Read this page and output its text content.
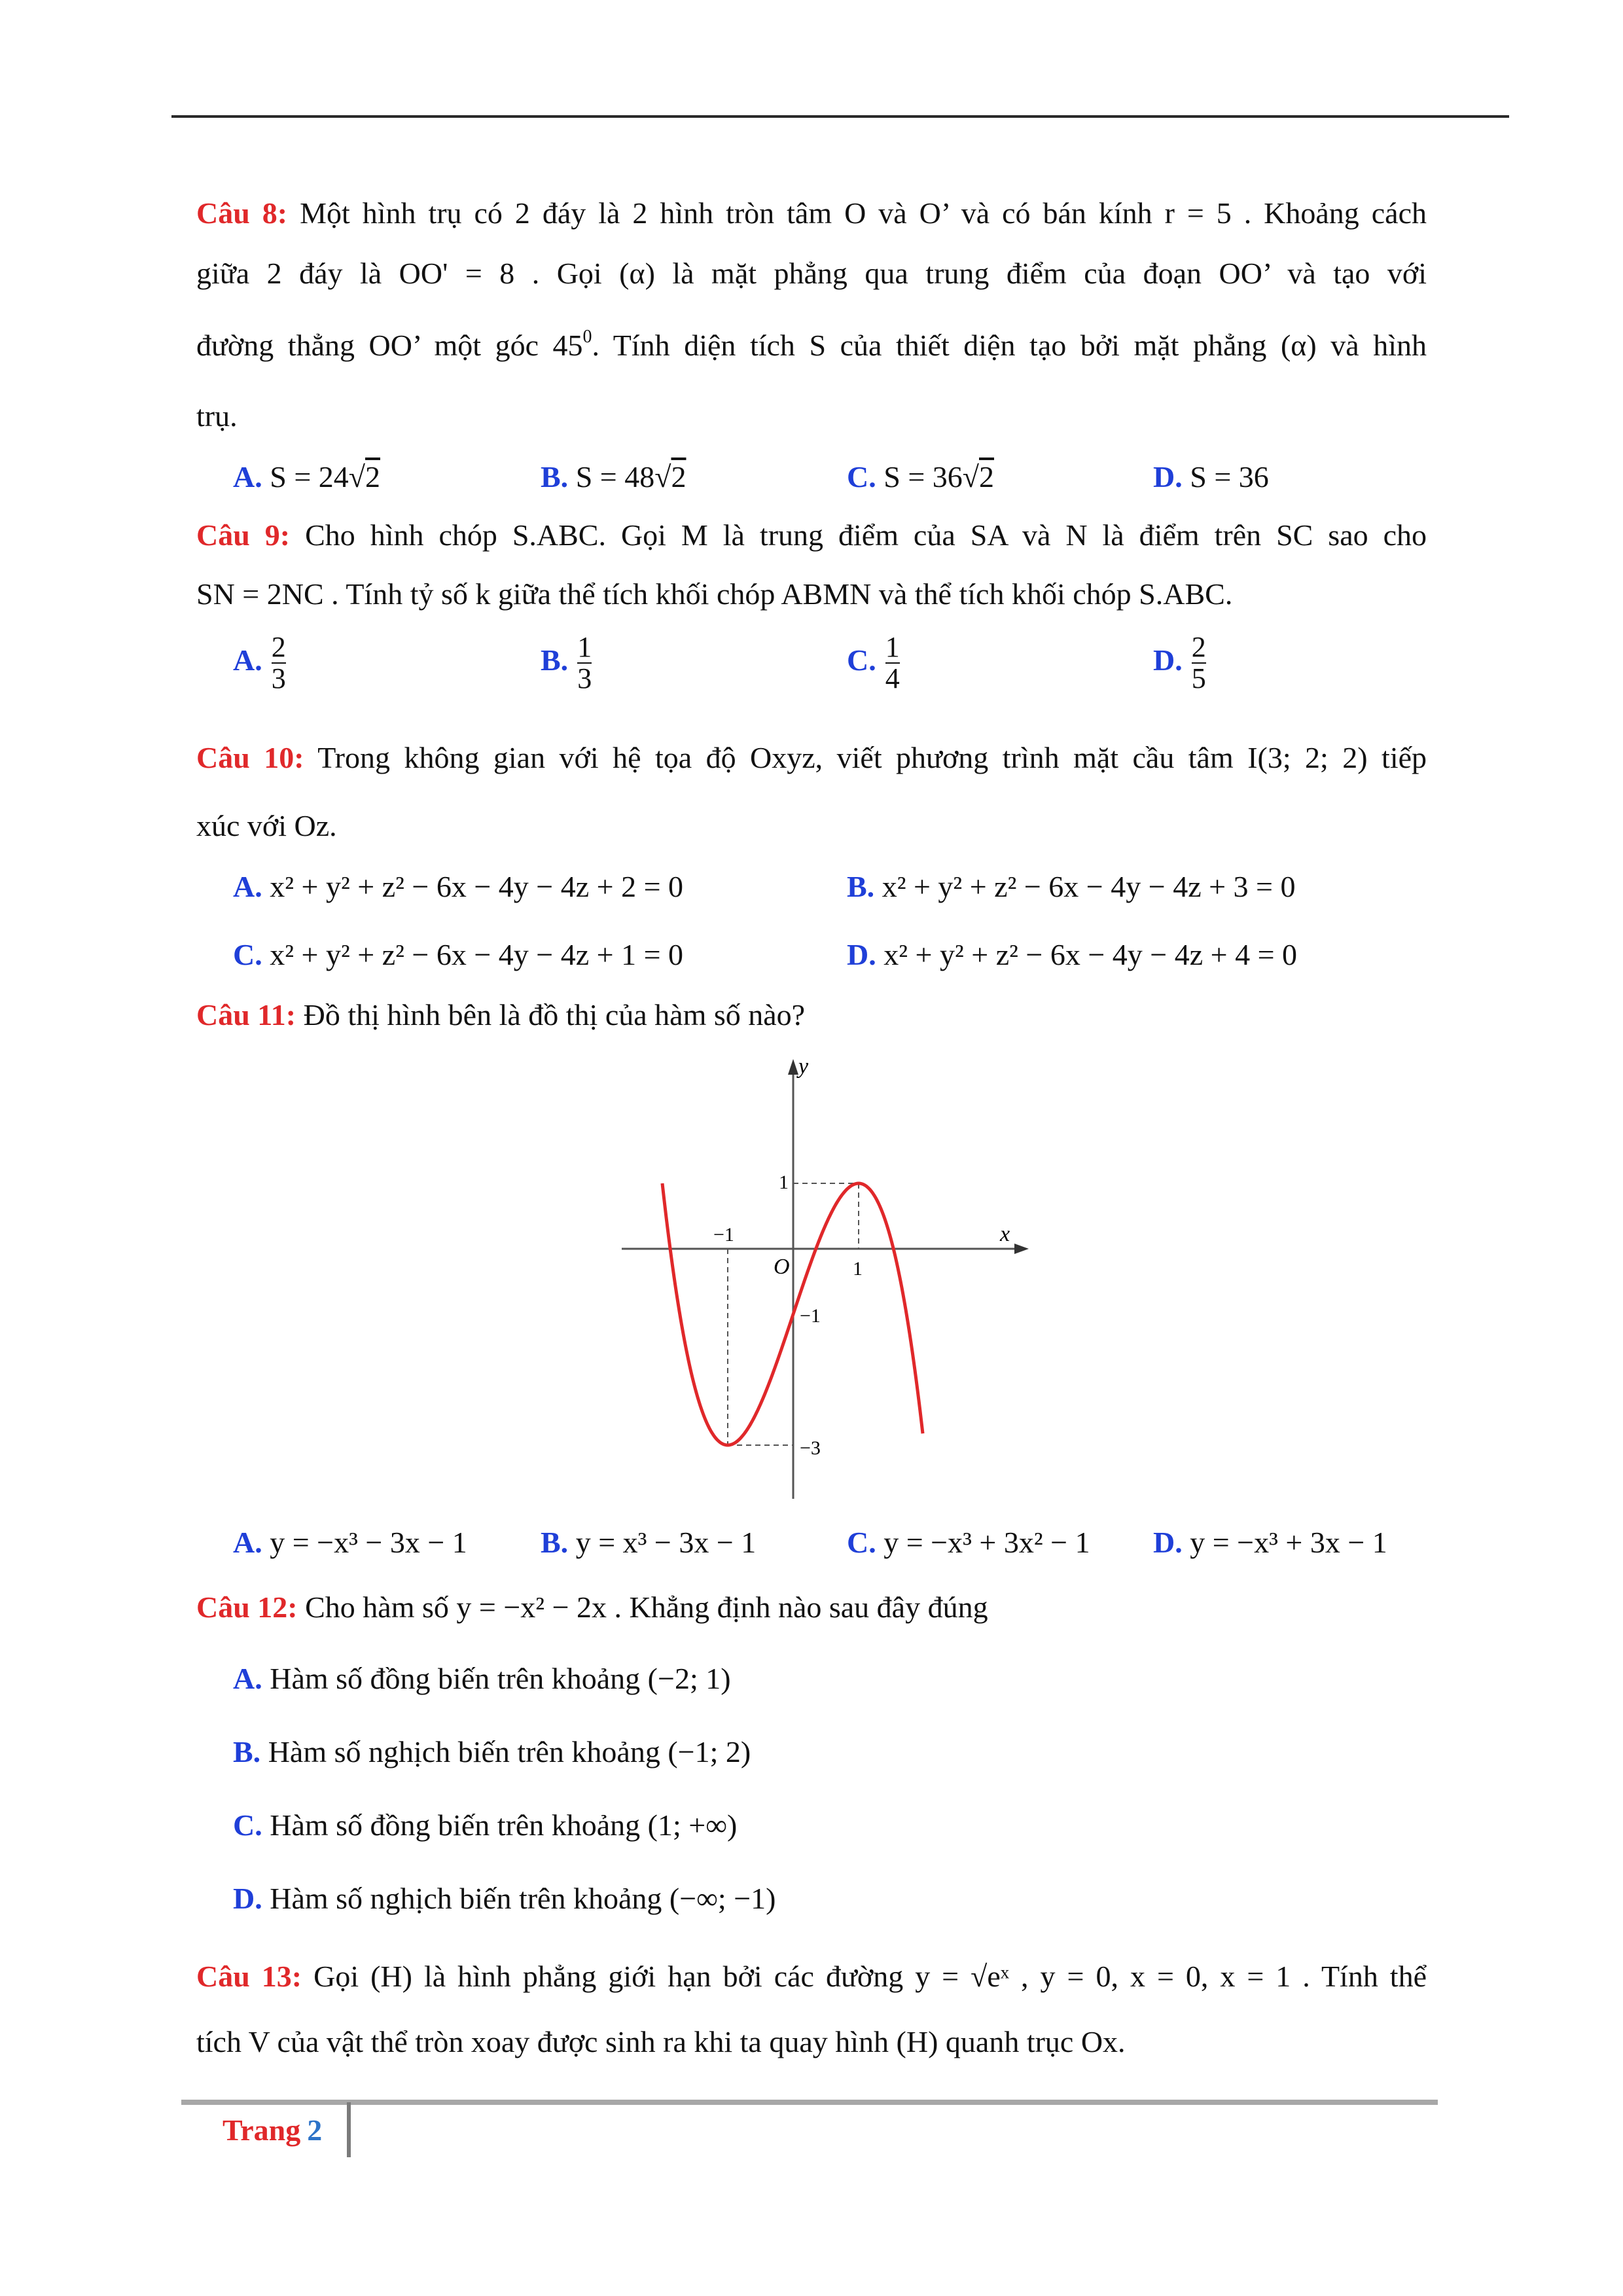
Câu 8: Một hình trụ có 2 đáy là 2 hình tròn tâm O và O’ và có bán kính r = 5 . Khoảng cách
giữa 2 đáy là OO' = 8 . Gọi (α) là mặt phẳng qua trung điểm của đoạn OO’ và tạo với
đường thẳng OO’ một góc $45^0$. Tính diện tích S của thiết diện tạo bởi mặt phẳng (α) và hình
trụ.
A. S = 24√2	B. S = 48√2	C. S = 36√2	D. S = 36
Câu 9: Cho hình chóp S.ABC. Gọi M là trung điểm của SA và N là điểm trên SC sao cho
SN = 2NC . Tính tỷ số k giữa thể tích khối chóp ABMN và thể tích khối chóp S.ABC.
A. $\frac{2}{3}$	B. $\frac{1}{3}$	C. $\frac{1}{4}$	D. $\frac{2}{5}$
Câu 10: Trong không gian với hệ tọa độ Oxyz, viết phương trình mặt cầu tâm I(3; 2; 2) tiếp
xúc với Oz.
A. x² + y² + z² − 6x − 4y − 4z + 2 = 0	B. x² + y² + z² − 6x − 4y − 4z + 3 = 0
C. x² + y² + z² − 6x − 4y − 4z + 1 = 0	D. x² + y² + z² − 6x − 4y − 4z + 4 = 0
Câu 11: Đồ thị hình bên là đồ thị của hàm số nào?
y
x
O
−1
1
1
−1
−3
A. y = −x³ − 3x − 1 B. y = x³ − 3x − 1	C. y = −x³ + 3x² − 1 D. y = −x³ + 3x − 1
Câu 12: Cho hàm số y = −x² − 2x . Khẳng định nào sau đây đúng
A. Hàm số đồng biến trên khoảng (−2; 1)
B. Hàm số nghịch biến trên khoảng (−1; 2)
C. Hàm số đồng biến trên khoảng (1; +∞)
D. Hàm số nghịch biến trên khoảng (−∞; −1)
Câu 13: Gọi (H) là hình phẳng giới hạn bởi các đường y = √eˣ , y = 0, x = 0, x = 1 . Tính thể
tích V của vật thể tròn xoay được sinh ra khi ta quay hình (H) quanh trục Ox.
Trang 2
